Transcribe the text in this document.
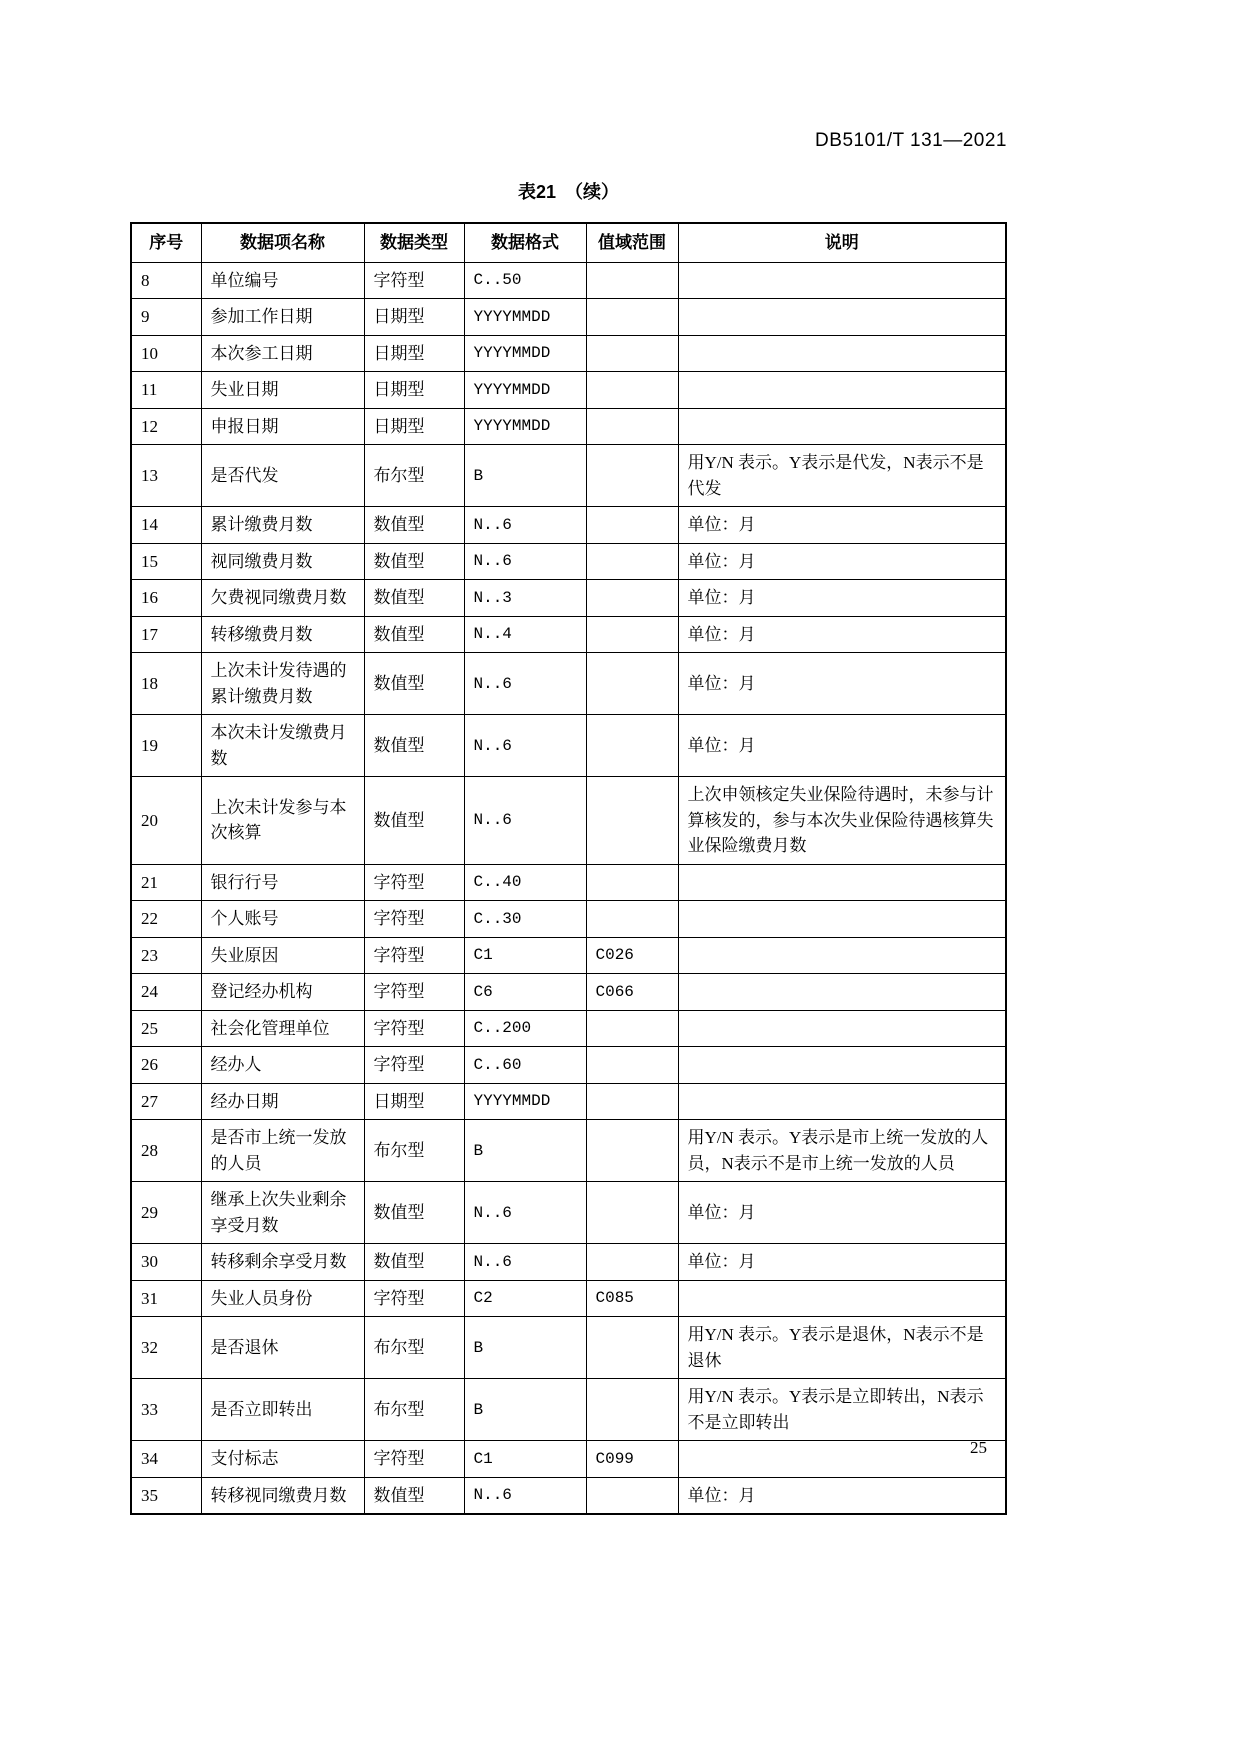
DB5101/T 131—2021
表21　（续）
序号	数据项名称	数据类型	数据格式	值域范围	说明
8	单位编号	字符型	C..50		
9	参加工作日期	日期型	YYYYMMDD		
10	本次参工日期	日期型	YYYYMMDD		
11	失业日期	日期型	YYYYMMDD		
12	申报日期	日期型	YYYYMMDD		
13	是否代发	布尔型	B		用Y/N 表示。Y表示是代发，N表示不是代发
14	累计缴费月数	数值型	N..6		单位：月
15	视同缴费月数	数值型	N..6		单位：月
16	欠费视同缴费月数	数值型	N..3		单位：月
17	转移缴费月数	数值型	N..4		单位：月
18	上次未计发待遇的累计缴费月数	数值型	N..6		单位：月
19	本次未计发缴费月数	数值型	N..6		单位：月
20	上次未计发参与本次核算	数值型	N..6		上次申领核定失业保险待遇时，未参与计算核发的，参与本次失业保险待遇核算失业保险缴费月数
21	银行行号	字符型	C..40		
22	个人账号	字符型	C..30		
23	失业原因	字符型	C1	C026	
24	登记经办机构	字符型	C6	C066	
25	社会化管理单位	字符型	C..200		
26	经办人	字符型	C..60		
27	经办日期	日期型	YYYYMMDD		
28	是否市上统一发放的人员	布尔型	B		用Y/N 表示。Y表示是市上统一发放的人员，N表示不是市上统一发放的人员
29	继承上次失业剩余享受月数	数值型	N..6		单位：月
30	转移剩余享受月数	数值型	N..6		单位：月
31	失业人员身份	字符型	C2	C085	
32	是否退休	布尔型	B		用Y/N 表示。Y表示是退休，N表示不是退休
33	是否立即转出	布尔型	B		用Y/N 表示。Y表示是立即转出，N表示不是立即转出
34	支付标志	字符型	C1	C099	
35	转移视同缴费月数	数值型	N..6		单位：月
25
